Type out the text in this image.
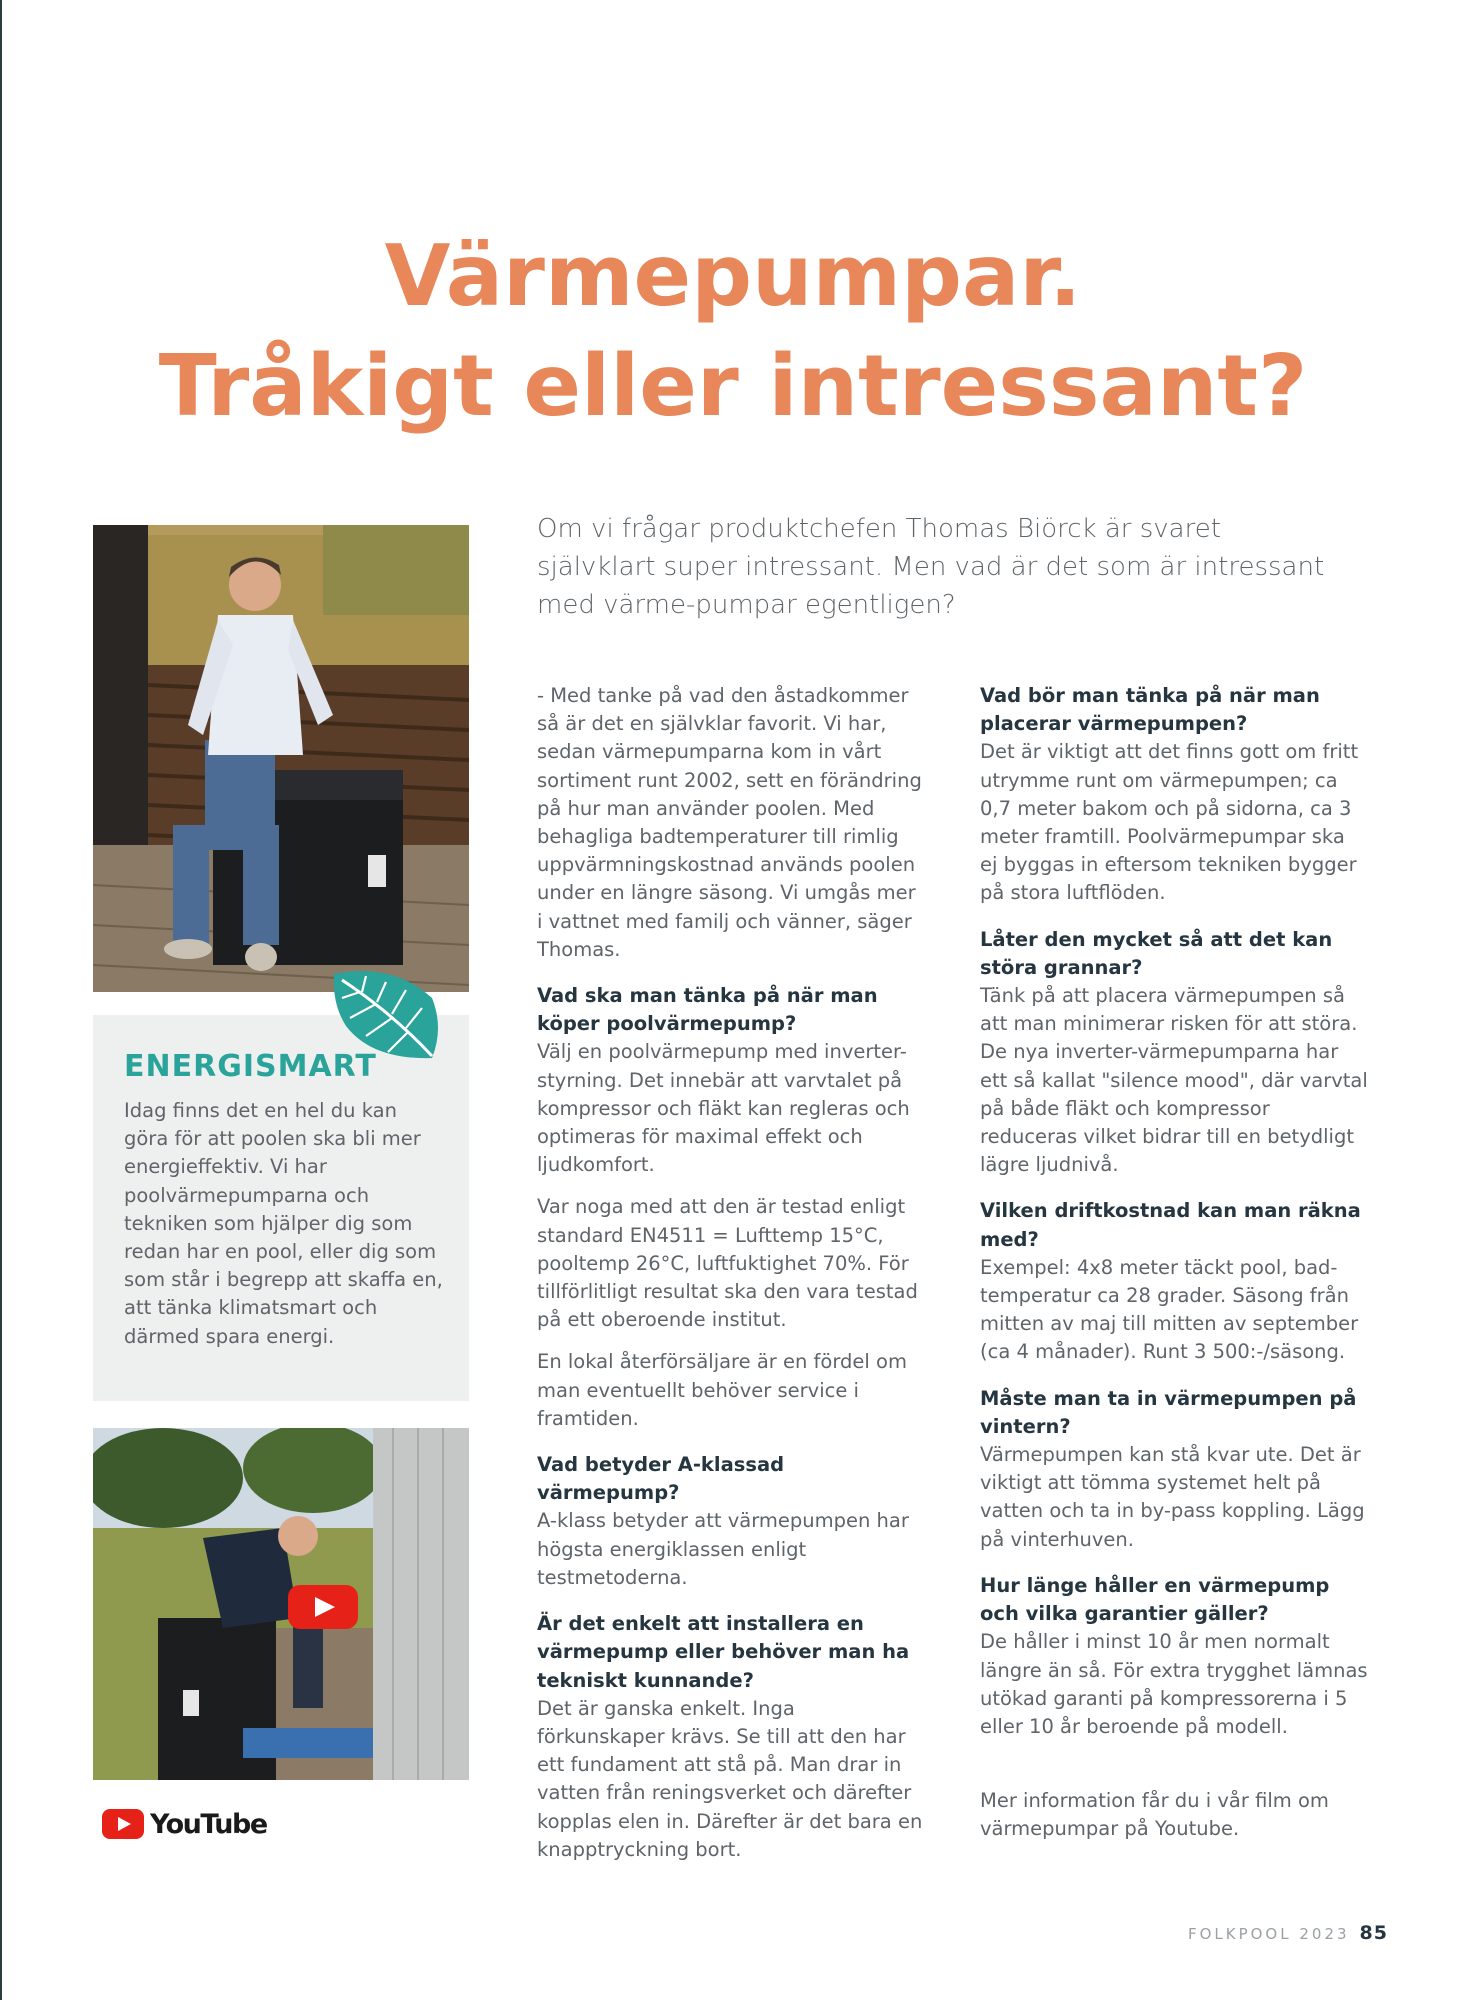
Värmepumpar.
Tråkigt eller intressant?

Om vi frågar produktchefen Thomas Biörck är svaret självklart super intressant. Men vad är det som är intressant med värme-pumpar egentligen?

ENERGISMART

Idag finns det en hel du kan göra för att poolen ska bli mer energieffektiv. Vi har poolvärmepumparna och tekniken som hjälper dig som redan har en pool, eller dig som som står i begrepp att skaffa en, att tänka klimatsmart och därmed spara energi.

YouTube

- Med tanke på vad den åstadkommer så är det en självklar favorit. Vi har, sedan värmepumparna kom in vårt sortiment runt 2002, sett en förändring på hur man använder poolen. Med behagliga badtemperaturer till rimlig uppvärmningskostnad används poolen under en längre säsong. Vi umgås mer i vattnet med familj och vänner, säger Thomas.

Vad ska man tänka på när man köper poolvärmepump?

Välj en poolvärmepump med inverter-styrning. Det innebär att varvtalet på kompressor och fläkt kan regleras och optimeras för maximal effekt och ljudkomfort.

Var noga med att den är testad enligt standard EN4511 = Lufttemp 15°C, pooltemp 26°C, luftfuktighet 70%. För tillförlitligt resultat ska den vara testad på ett oberoende institut.

En lokal återförsäljare är en fördel om man eventuellt behöver service i framtiden.

Vad betyder A-klassad värmepump?

A-klass betyder att värmepumpen har högsta energiklassen enligt testmetoderna.

Är det enkelt att installera en värmepump eller behöver man ha tekniskt kunnande?

Det är ganska enkelt. Inga förkunskaper krävs. Se till att den har ett fundament att stå på. Man drar in vatten från reningsverket och därefter kopplas elen in. Därefter är det bara en knapptryckning bort.

Vad bör man tänka på när man placerar värmepumpen?

Det är viktigt att det finns gott om fritt utrymme runt om värmepumpen; ca 0,7 meter bakom och på sidorna, ca 3 meter framtill. Poolvärmepumpar ska ej byggas in eftersom tekniken bygger på stora luftflöden.

Låter den mycket så att det kan störa grannar?

Tänk på att placera värmepumpen så att man minimerar risken för att störa. De nya inverter-värmepumparna har ett så kallat "silence mood", där varvtal på både fläkt och kompressor reduceras vilket bidrar till en betydligt lägre ljudnivå.

Vilken driftkostnad kan man räkna med?

Exempel: 4x8 meter täckt pool, bad-temperatur ca 28 grader. Säsong från mitten av maj till mitten av september (ca 4 månader). Runt 3 500:-/säsong.

Måste man ta in värmepumpen på vintern?

Värmepumpen kan stå kvar ute. Det är viktigt att tömma systemet helt på vatten och ta in by-pass koppling. Lägg på vinterhuven.

Hur länge håller en värmepump och vilka garantier gäller?

De håller i minst 10 år men normalt längre än så. För extra trygghet lämnas utökad garanti på kompressorerna i 5 eller 10 år beroende på modell.

Mer information får du i vår film om värmepumpar på Youtube.

FOLKPOOL 2023 85
